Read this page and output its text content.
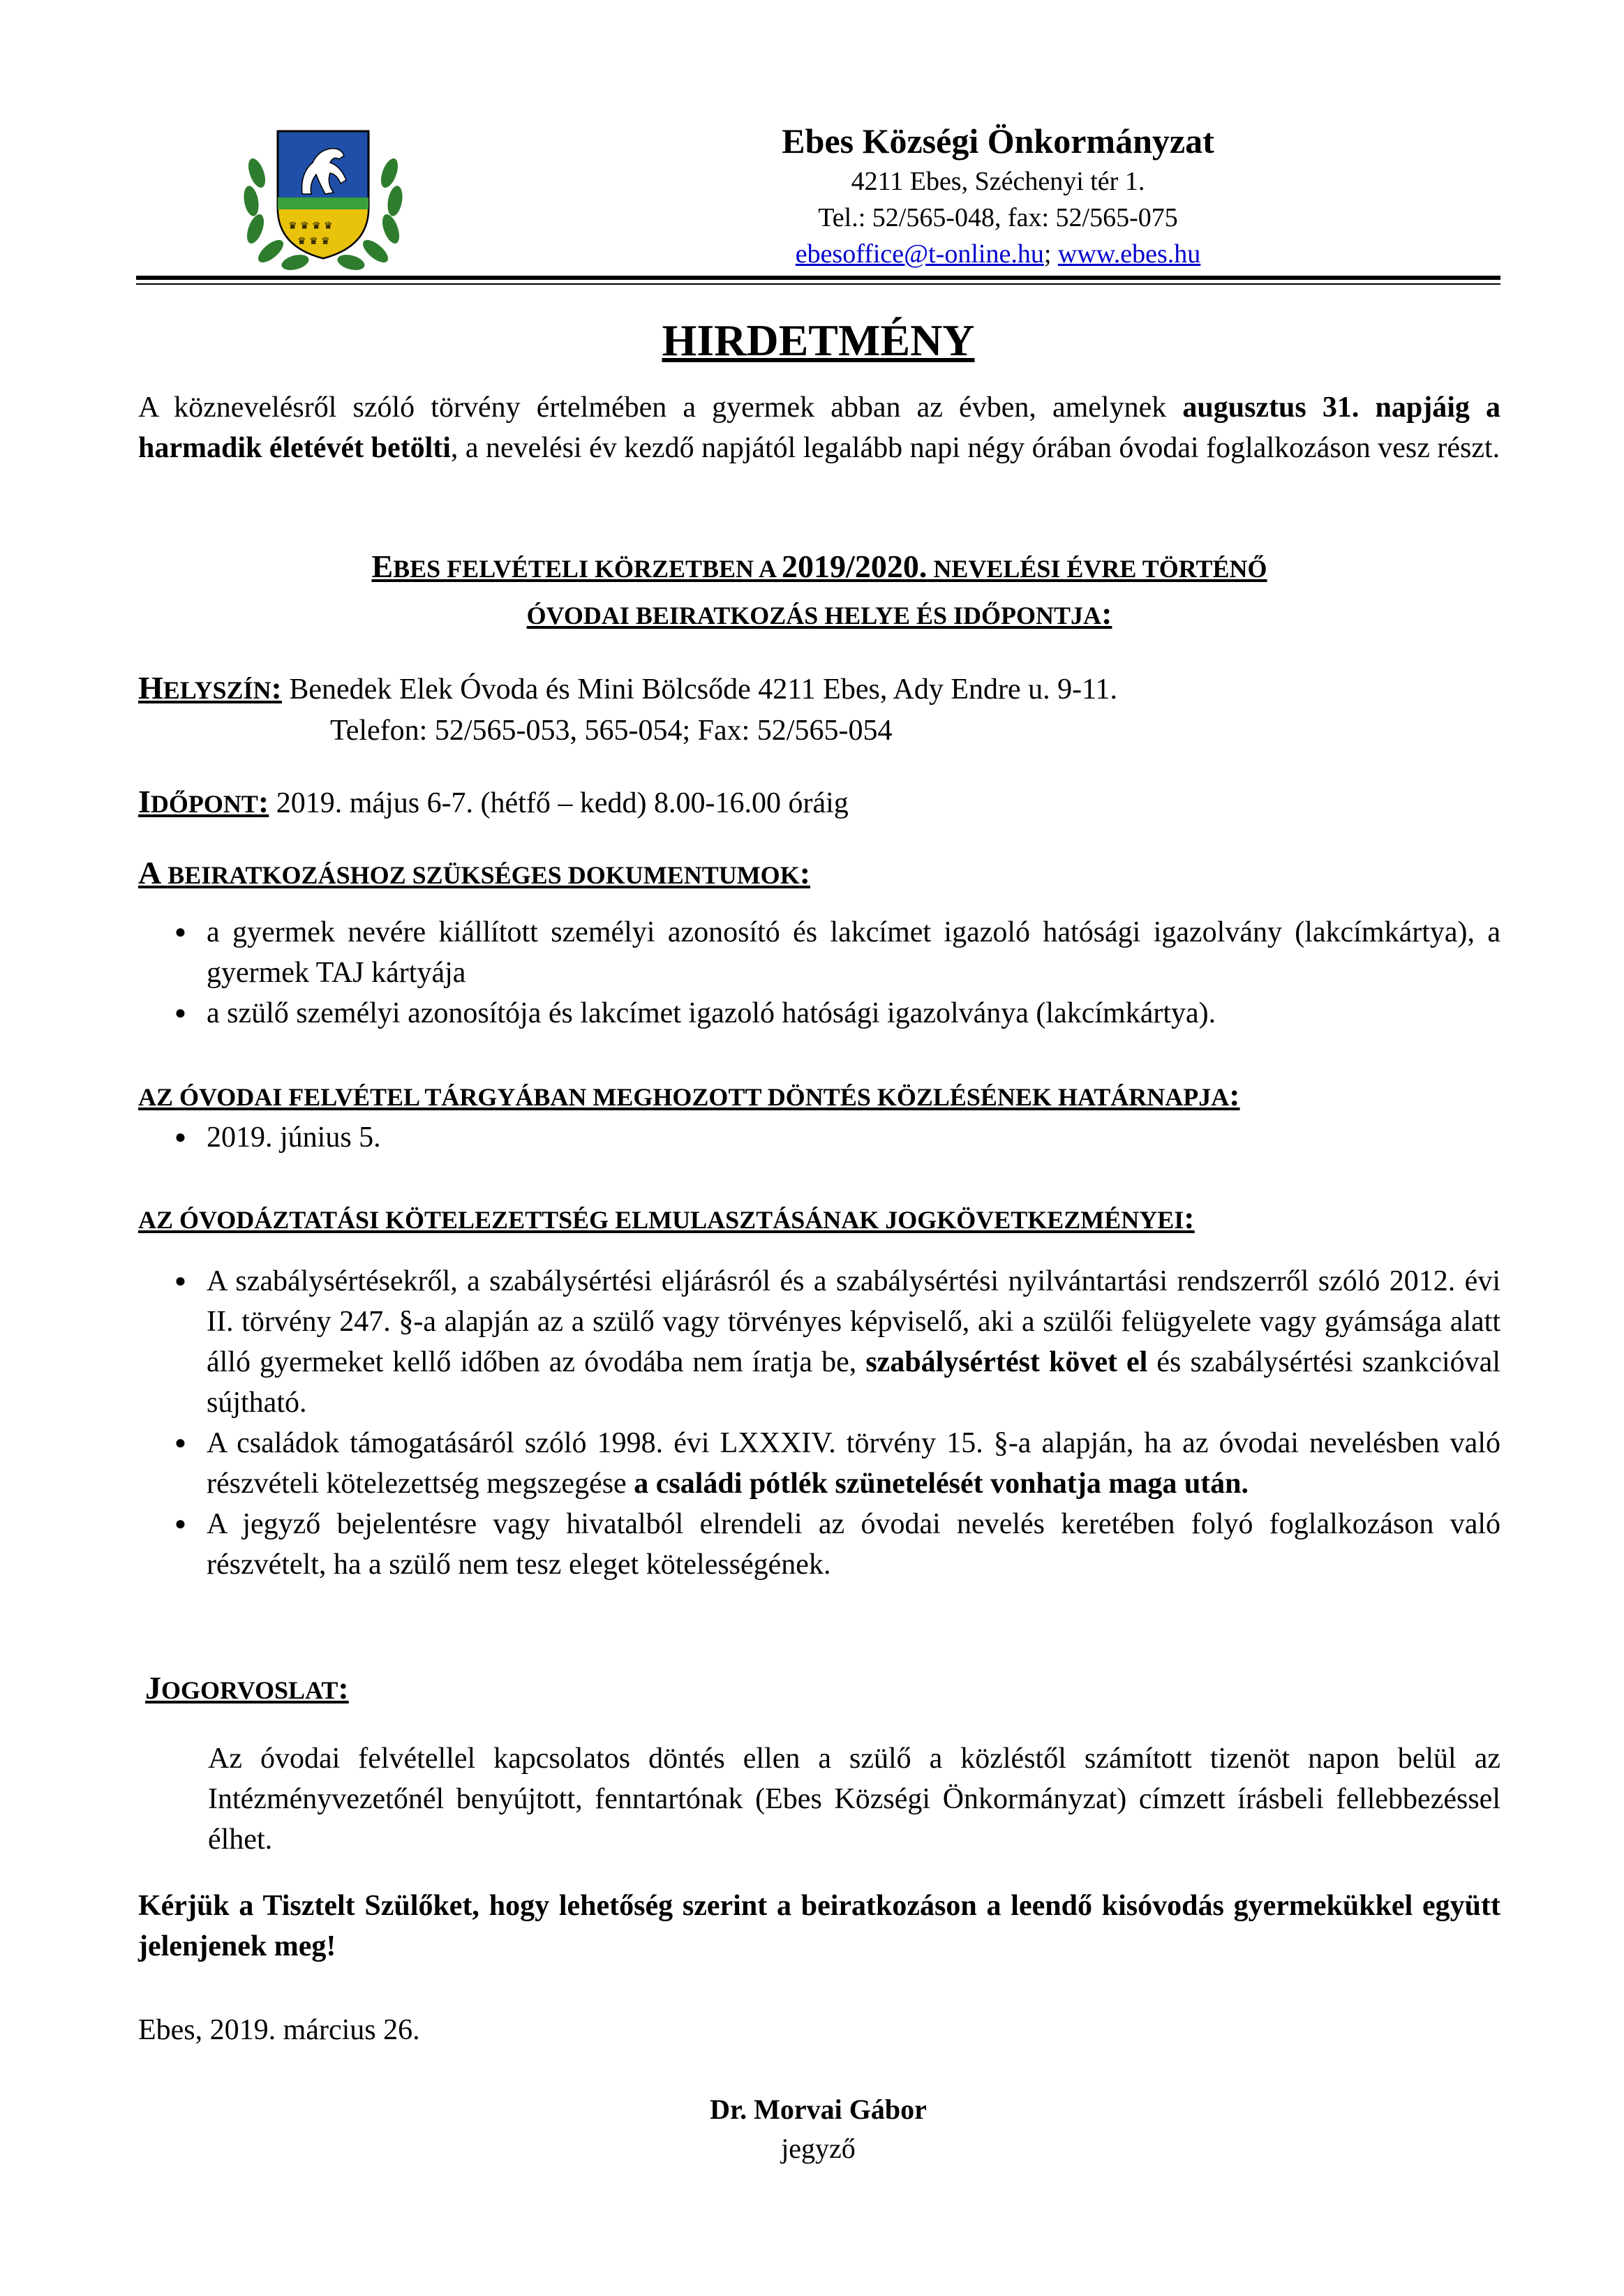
♛ ♛ ♛ ♛
♛ ♛ ♛
Ebes Községi Önkormányzat
4211 Ebes, Széchenyi tér 1.
Tel.: 52/565-048, fax: 52/565-075
ebesoffice@t-online.hu; www.ebes.hu
HIRDETMÉNY
A köznevelésről szóló törvény értelmében a gyermek abban az évben, amelynek augusztus 31. napjáig a harmadik életévét betölti, a nevelési év kezdő napjától legalább napi négy órában óvodai foglalkozáson vesz részt.
EBES FELVÉTELI KÖRZETBEN A 2019/2020. NEVELÉSI ÉVRE TÖRTÉNŐ
ÓVODAI BEIRATKOZÁS HELYE ÉS IDŐPONTJA:
HELYSZÍN: Benedek Elek Óvoda és Mini Bölcsőde 4211 Ebes, Ady Endre u. 9-11.
Telefon: 52/565-053, 565-054; Fax: 52/565-054
IDŐPONT: 2019. május 6-7. (hétfő – kedd) 8.00-16.00 óráig
A BEIRATKOZÁSHOZ SZÜKSÉGES DOKUMENTUMOK:
● a gyermek nevére kiállított személyi azonosító és lakcímet igazoló hatósági igazolvány (lakcímkártya), a gyermek TAJ kártyája
● a szülő személyi azonosítója és lakcímet igazoló hatósági igazolványa (lakcímkártya).
AZ ÓVODAI FELVÉTEL TÁRGYÁBAN MEGHOZOTT DÖNTÉS KÖZLÉSÉNEK HATÁRNAPJA:
● 2019. június 5.
AZ ÓVODÁZTATÁSI KÖTELEZETTSÉG ELMULASZTÁSÁNAK JOGKÖVETKEZMÉNYEI:
● A szabálysértésekről, a szabálysértési eljárásról és a szabálysértési nyilvántartási rendszerről szóló 2012. évi II. törvény 247. §-a alapján az a szülő vagy törvényes képviselő, aki a szülői felügyelete vagy gyámsága alatt álló gyermeket kellő időben az óvodába nem íratja be, szabálysértést követ el és szabálysértési szankcióval sújtható.
● A családok támogatásáról szóló 1998. évi LXXXIV. törvény 15. §-a alapján, ha az óvodai nevelésben való részvételi kötelezettség megszegése a családi pótlék szünetelését vonhatja maga után.
● A jegyző bejelentésre vagy hivatalból elrendeli az óvodai nevelés keretében folyó foglalkozáson való részvételt, ha a szülő nem tesz eleget kötelességének.
JOGORVOSLAT:
Az óvodai felvétellel kapcsolatos döntés ellen a szülő a közléstől számított tizenöt napon belül az Intézményvezetőnél benyújtott, fenntartónak (Ebes Községi Önkormányzat) címzett írásbeli fellebbezéssel élhet.
Kérjük a Tisztelt Szülőket, hogy lehetőség szerint a beiratkozáson a leendő kisóvodás gyermekükkel együtt jelenjenek meg!
Ebes, 2019. március 26.
Dr. Morvai Gábor
jegyző
